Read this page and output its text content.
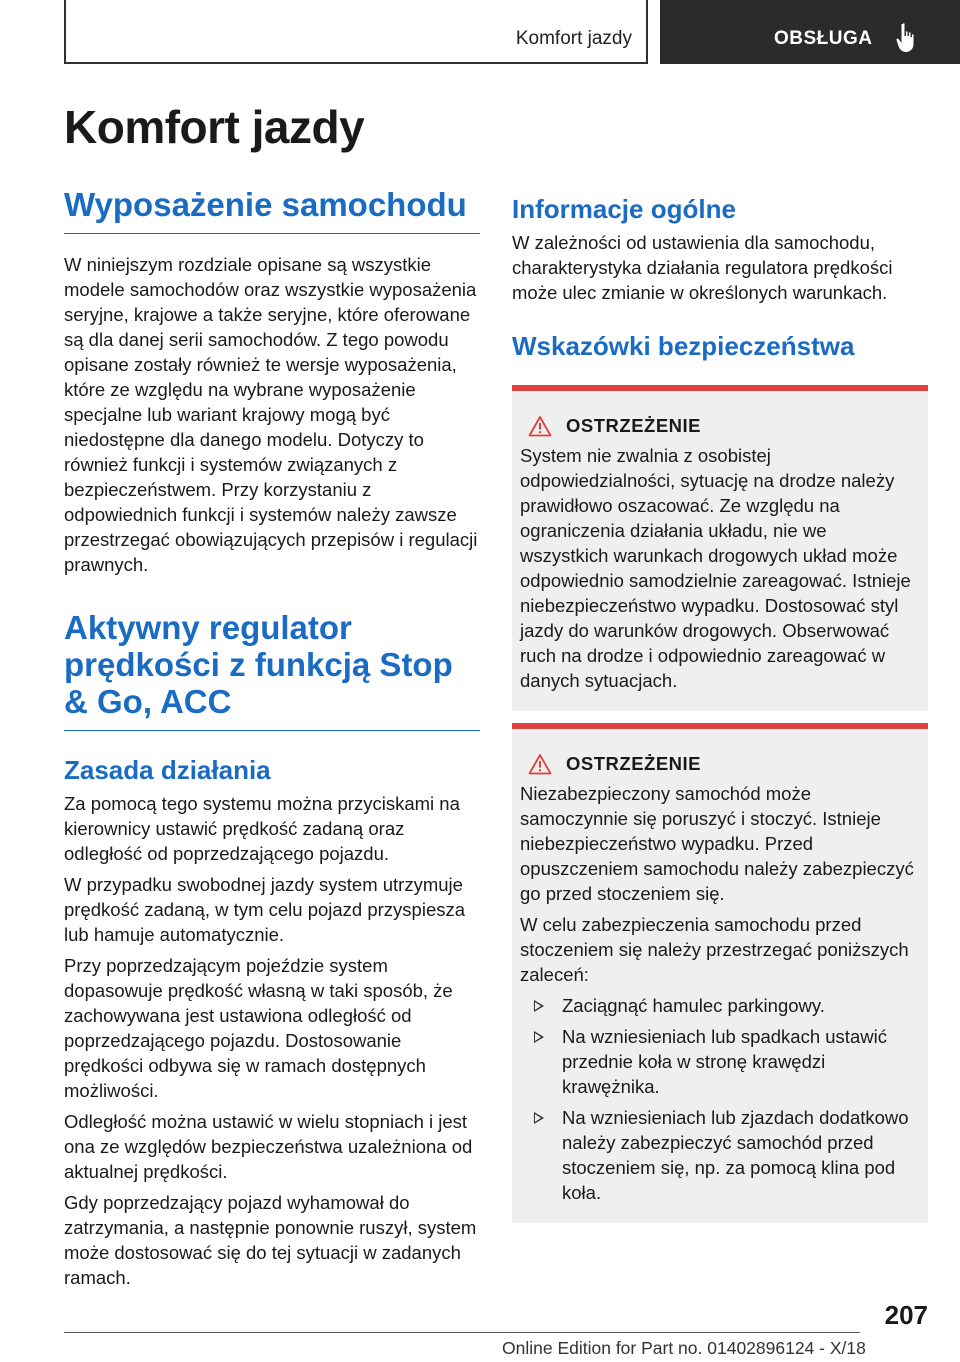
Komfort jazdy	OBSŁUGA
Komfort jazdy
Wyposażenie samochodu

W niniejszym rozdziale opisane są wszystkie modele samochodów oraz wszystkie wyposażenia seryjne, krajowe a także seryjne, które oferowane są dla danej serii samochodów. Z tego powodu opisane zostały również te wersje wyposażenia, które ze względu na wybrane wyposażenie specjalne lub wariant krajowy mogą być niedostępne dla danego modelu. Dotyczy to również funkcji i systemów związanych z bezpieczeństwem. Przy korzystaniu z odpowiednich funkcji i systemów należy zawsze przestrzegać obowiązujących przepisów i regulacji prawnych.

Aktywny regulator prędkości z funkcją Stop & Go, ACC
Zasada działania

Za pomocą tego systemu można przyciskami na kierownicy ustawić prędkość zadaną oraz odległość od poprzedzającego pojazdu.

W przypadku swobodnej jazdy system utrzymuje prędkość zadaną, w tym celu pojazd przyspiesza lub hamuje automatycznie.

Przy poprzedzającym pojeździe system dopasowuje prędkość własną w taki sposób, że zachowywana jest ustawiona odległość od poprzedzającego pojazdu. Dostosowanie prędkości odbywa się w ramach dostępnych możliwości.

Odległość można ustawić w wielu stopniach i jest ona ze względów bezpieczeństwa uzależniona od aktualnej prędkości.

Gdy poprzedzający pojazd wyhamował do zatrzymania, a następnie ponownie ruszył, system może dostosować się do tej sytuacji w zadanych ramach.

Informacje ogólne

W zależności od ustawienia dla samochodu, charakterystyka działania regulatora prędkości może ulec zmianie w określonych warunkach.

Wskazówki bezpieczeństwa
OSTRZEŻENIE

System nie zwalnia z osobistej odpowiedzialności, sytuację na drodze należy prawidłowo oszacować. Ze względu na ograniczenia działania układu, nie we wszystkich warunkach drogowych układ może odpowiednio samodzielnie zareagować. Istnieje niebezpieczeństwo wypadku. Dostosować styl jazdy do warunków drogowych. Obserwować ruch na drodze i odpowiednio zareagować w danych sytuacjach.

OSTRZEŻENIE

Niezabezpieczony samochód może samoczynnie się poruszyć i stoczyć. Istnieje niebezpieczeństwo wypadku. Przed opuszczeniem samochodu należy zabezpieczyć go przed stoczeniem się.

W celu zabezpieczenia samochodu przed stoczeniem się należy przestrzegać poniższych zaleceń:

Zaciągnąć hamulec parkingowy.
Na wzniesieniach lub spadkach ustawić przednie koła w stronę krawędzi krawężnika.
Na wzniesieniach lub zjazdach dodatkowo należy zabezpieczyć samochód przed stoczeniem się, np. za pomocą klina pod koła.
207
Online Edition for Part no. 01402896124 - X/18
